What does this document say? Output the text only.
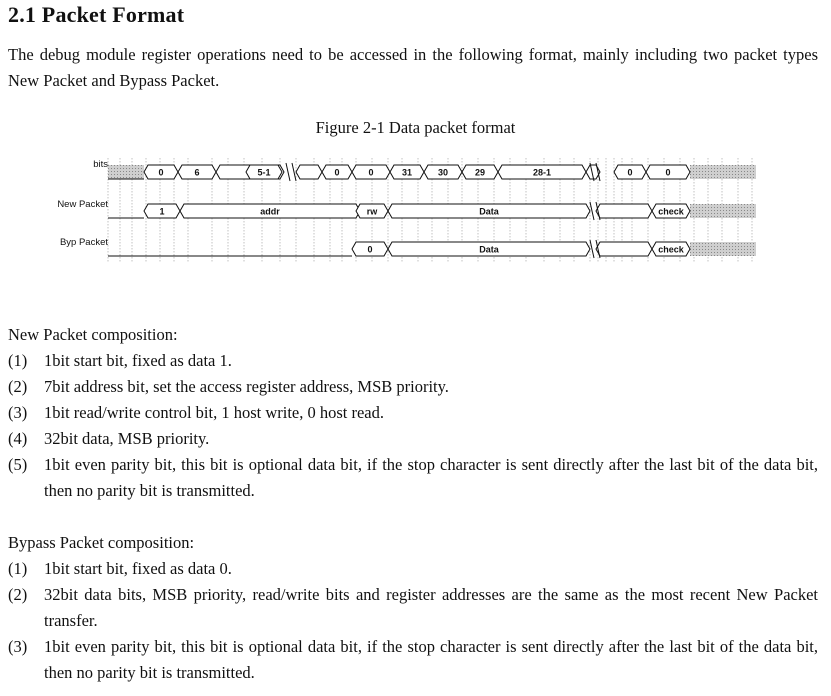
2.1 Packet Format
The debug module register operations need to be accessed in the following format, mainly including two packet types New Packet and Bypass Packet.
Figure 2-1 Data packet format
bits
0	6	5-1	0	0	31	30	29	28-1	0	0
New Packet
1	addr	rw	Data	check
Byp Packet
0	Data	check
New Packet composition:
(1) 1bit start bit, fixed as data 1.
(2) 7bit address bit, set the access register address, MSB priority.
(3) 1bit read/write control bit, 1 host write, 0 host read.
(4) 32bit data, MSB priority.
(5) 1bit even parity bit, this bit is optional data bit, if the stop character is sent directly after the last bit of the data bit, then no parity bit is transmitted.
Bypass Packet composition:
(1) 1bit start bit, fixed as data 0.
(2) 32bit data bits, MSB priority, read/write bits and register addresses are the same as the most recent New Packet transfer.
(3) 1bit even parity bit, this bit is optional data bit, if the stop character is sent directly after the last bit of the data bit, then no parity bit is transmitted.
